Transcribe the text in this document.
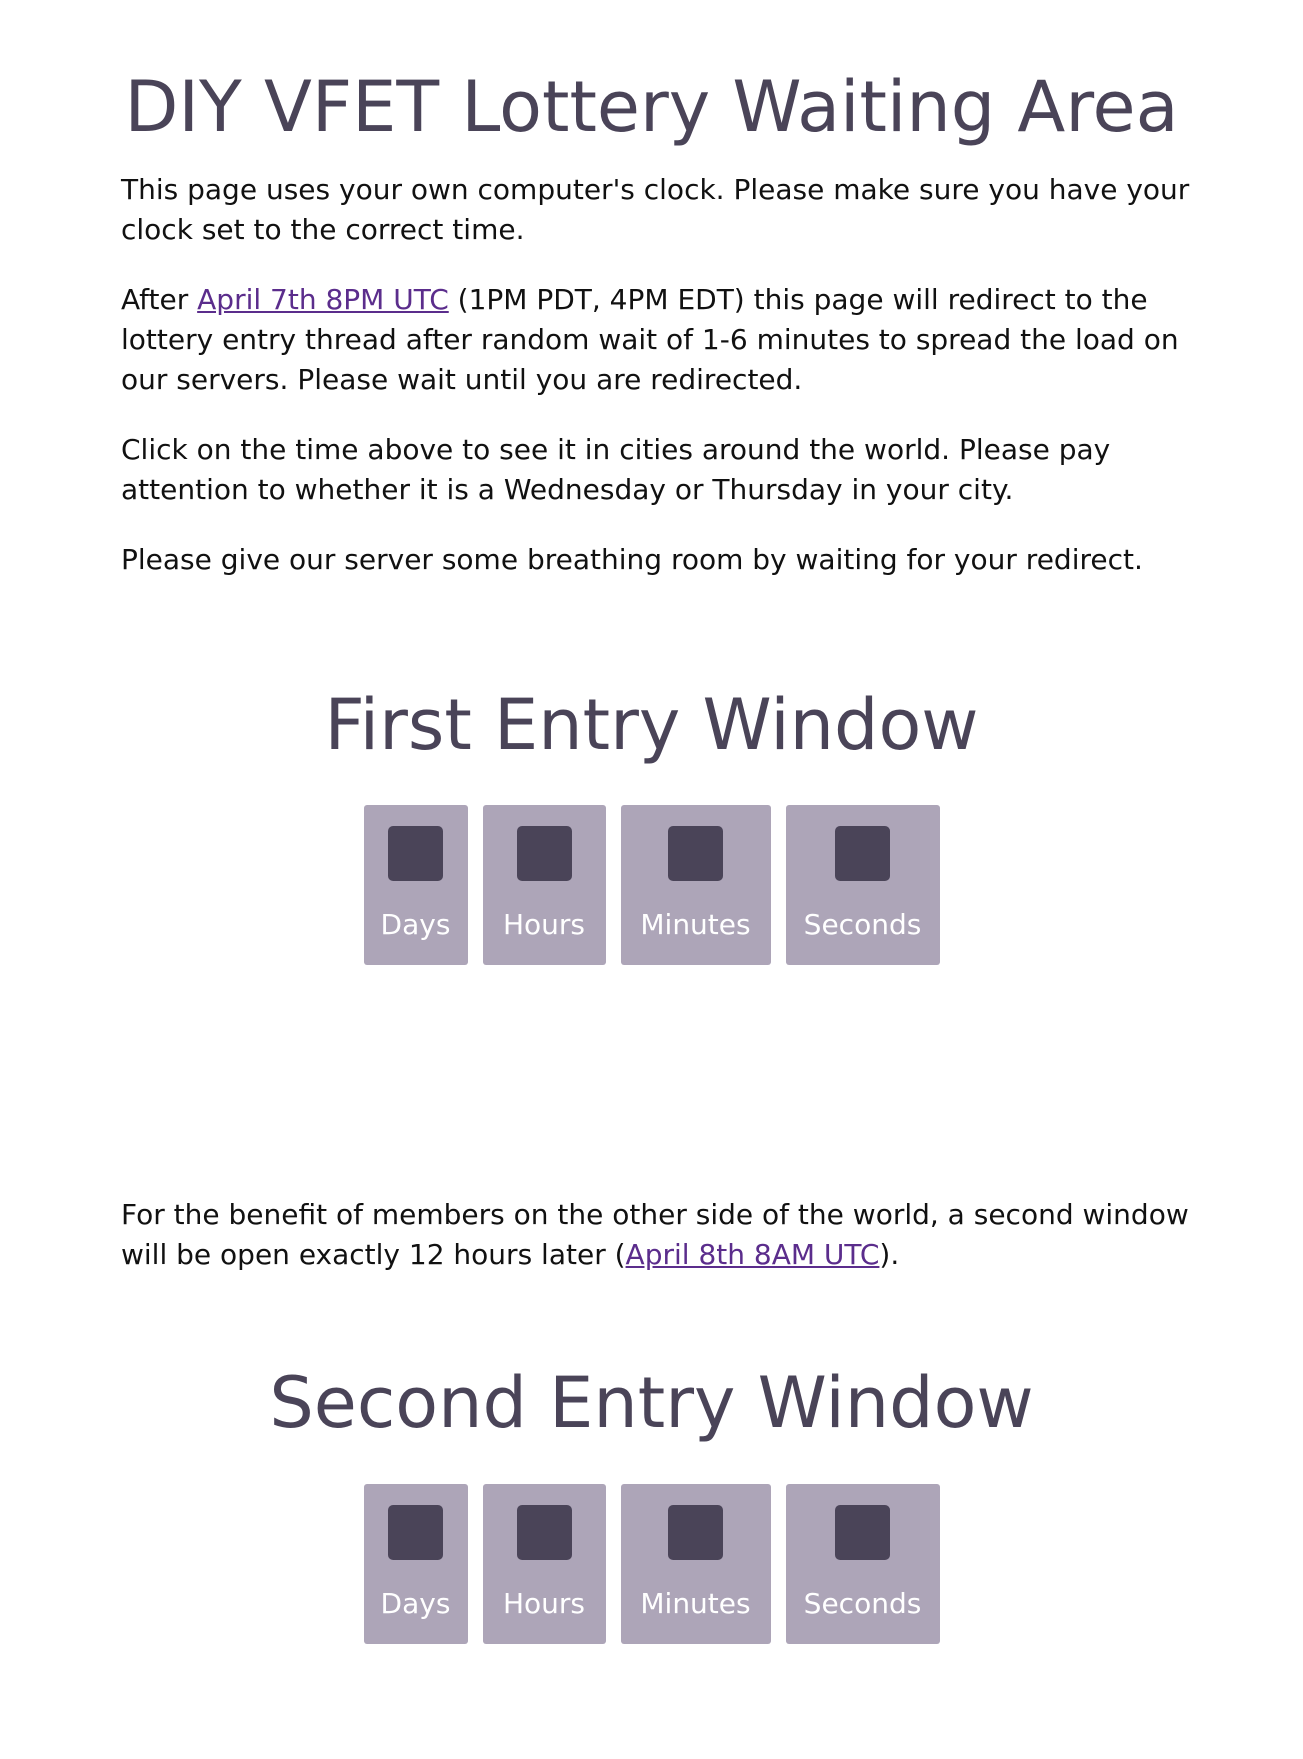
DIY VFET Lottery Waiting Area

This page uses your own computer's clock. Please make sure you have your clock set to the correct time.

After April 7th 8PM UTC (1PM PDT, 4PM EDT) this page will redirect to the lottery entry thread after random wait of 1-6 minutes to spread the load on our servers. Please wait until you are redirected.

Click on the time above to see it in cities around the world. Please pay attention to whether it is a Wednesday or Thursday in your city.

Please give our server some breathing room by waiting for your redirect.

First Entry Window
Days Hours Minutes Seconds

For the benefit of members on the other side of the world, a second window will be open exactly 12 hours later (April 8th 8AM UTC).

Second Entry Window
Days Hours Minutes Seconds
